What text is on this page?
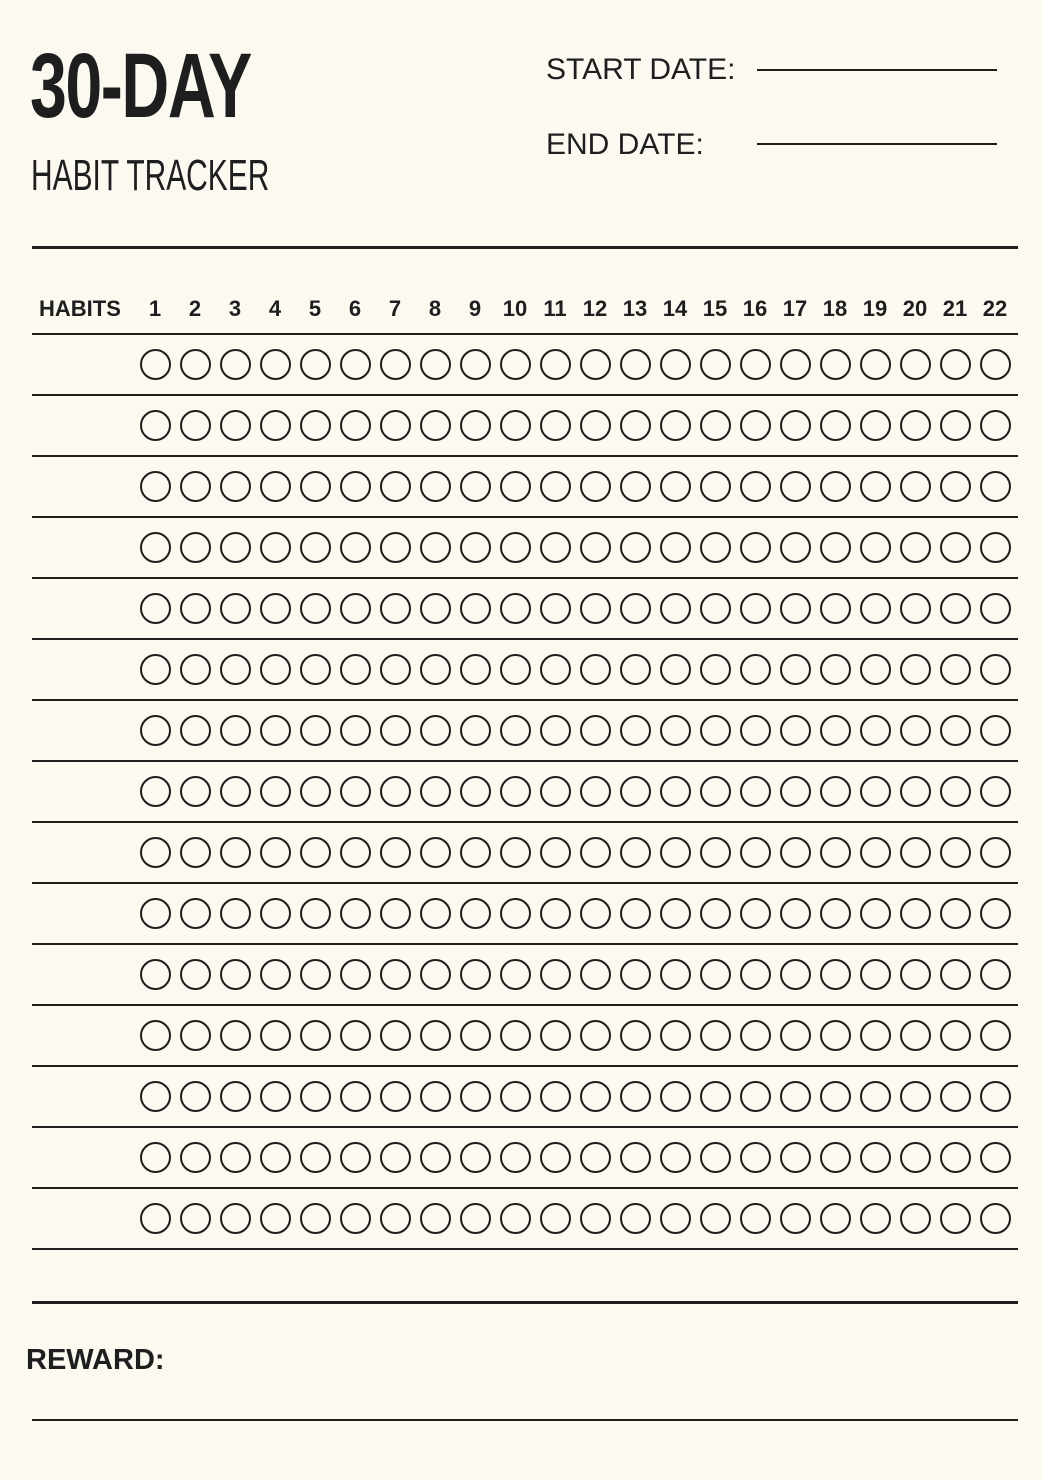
30-DAY
HABIT TRACKER
START DATE:
END DATE:
HABITS	1	2	3	4	5	6	7	8	9 10 11 12 13 14 15 16 17 18 19 20 21 22
REWARD:
